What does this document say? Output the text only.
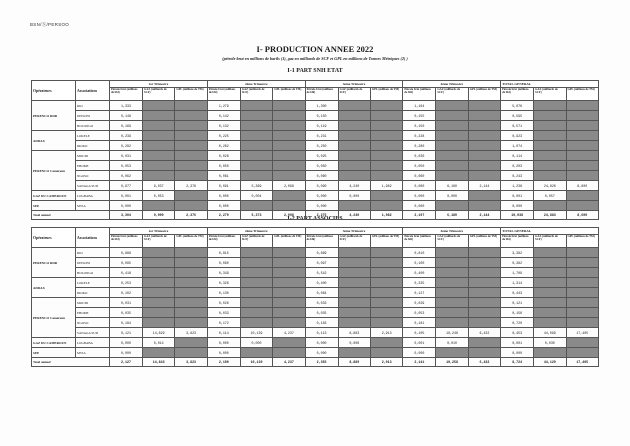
BSN/Ⓢ/PERSOO
I- PRODUCTION ANNEE 2022
(pétrole brut en millions de barils (1), gaz en milliards de SCF et GPL en millions de Tonnes Métriques (2) )
I-1 PART SNH ETAT
I-2 PART ASSOCIES
Opérateurs	Associations	1er Trimestre			2ème Trimestre			3ème Trimestre			4ème Trimestre			TOTAL GENERAL		
		Pétrole brut (millions de bbl)	GAZ (milliards de SCF)	GPL (millions de TM)	Pétrole brut (millions de bbl)	GAZ (milliards de SCF)	GPL (millions de TM)	Pétrole brut (millions de bbl)	GAZ (milliards de SCF)	GPL (millions de TM)	Pétrole brut (millions de bbl)	GAZ (milliards de SCF)	GPL (millions de TM)	Pétrole brut (millions de bbl)	GAZ (milliards de SCF)	GPL (millions de TM)
PERENCO RDR	RIO	1,333			1,279			1,300			1,164			5,076		
	DISSONI	0,148			0,142			0,150			0,155			0,595		
	BOLONGO	0,169			0,132			0,119			0,150			0,571		
ADDAX	LOKELE	0,239			0,225			0,231			0,228			0,923		
	IROKO	0,282			0,262			0,250			0,280			1,074		
PERENCO Cameroun	MOUDI	0,031			0,028			0,025			0,030			0,114		
	EBOME	0,053			0,050			0,050			0,050			0,203		
	NGOSO	0,062			0,061			0,060			0,060			0,243		
	SANAGA SUD	0,977	9,037	2,376	0,091	5,369	2,098	0,090	4,240	1,982	0,080	6,180	2,144	1,238	24,826	8,600
GAZ DU CAMEROUN	LOGBABA	0,001	0,053		0,000	0,004		0,000	0,000		0,000	0,000		0,001	0,057	
SEE	MVIA	0,000			0,000			0,000			0,000			0,000		
Total annuel		3,304	9,090	2,376	2,270	5,373	2,098	2,275	4,240	1,982	2,197	6,180	2,144	10,038	24,883	8,600
Opérateurs	Associations	1er Trimestre			2ème Trimestre			3ème Trimestre			4ème Trimestre			TOTAL GENERAL		
		Pétrole brut (millions de bbl)	GAZ (milliards de SCF)	GPL (millions de TM)	Pétrole brut (millions de bbl)	GAZ (milliards de SCF)	GPL (millions de TM)	Pétrole brut (millions de bbl)	GAZ (milliards de SCF)	GPL (millions de TM)	Pétrole brut (millions de bbl)	GAZ (milliards de SCF)	GPL (millions de TM)	Pétrole brut (millions de bbl)	GAZ (milliards de SCF)	GPL (millions de TM)
PERENCO RDR	RIO	0,888			0,815			0,869			0,810			3,382		
	DISSONI	0,095			0,090			0,097			0,100			0,382		
	BOLONGO	0,418			0,349			0,542			0,400			1,709		
ADDAX	LOKELE	0,253			0,326			0,400			0,335			1,314		
	IROKO	0,102			0,130			0,084			0,127			0,443		
PERENCO Cameroun	MOUDI	0,031			0,028			0,033			0,029			0,121		
	EBOME	0,035			0,033			0,035			0,053			0,156		
	NGOSO	0,184			0,172			0,183			0,181			0,720		
	SANAGA SUD	0,121	14,829	3,823	0,114	10,139	4,237	0,113	8,883	2,913	0,105	10,248	6,432	0,453	44,099	17,405
GAZ DU CAMEROUN	LOGBABA	0,000	0,014		0,000	0,000		0,000	0,006		0,001	0,010		0,001	0,030	
SEE	MVIA	0,000			0,000			0,000			0,000			0,000		
Total annuel		2,127	14,843	3,823	2,100	10,139	4,237	2,356	8,889	2,913	2,141	10,258	6,432	8,724	44,129	17,405
